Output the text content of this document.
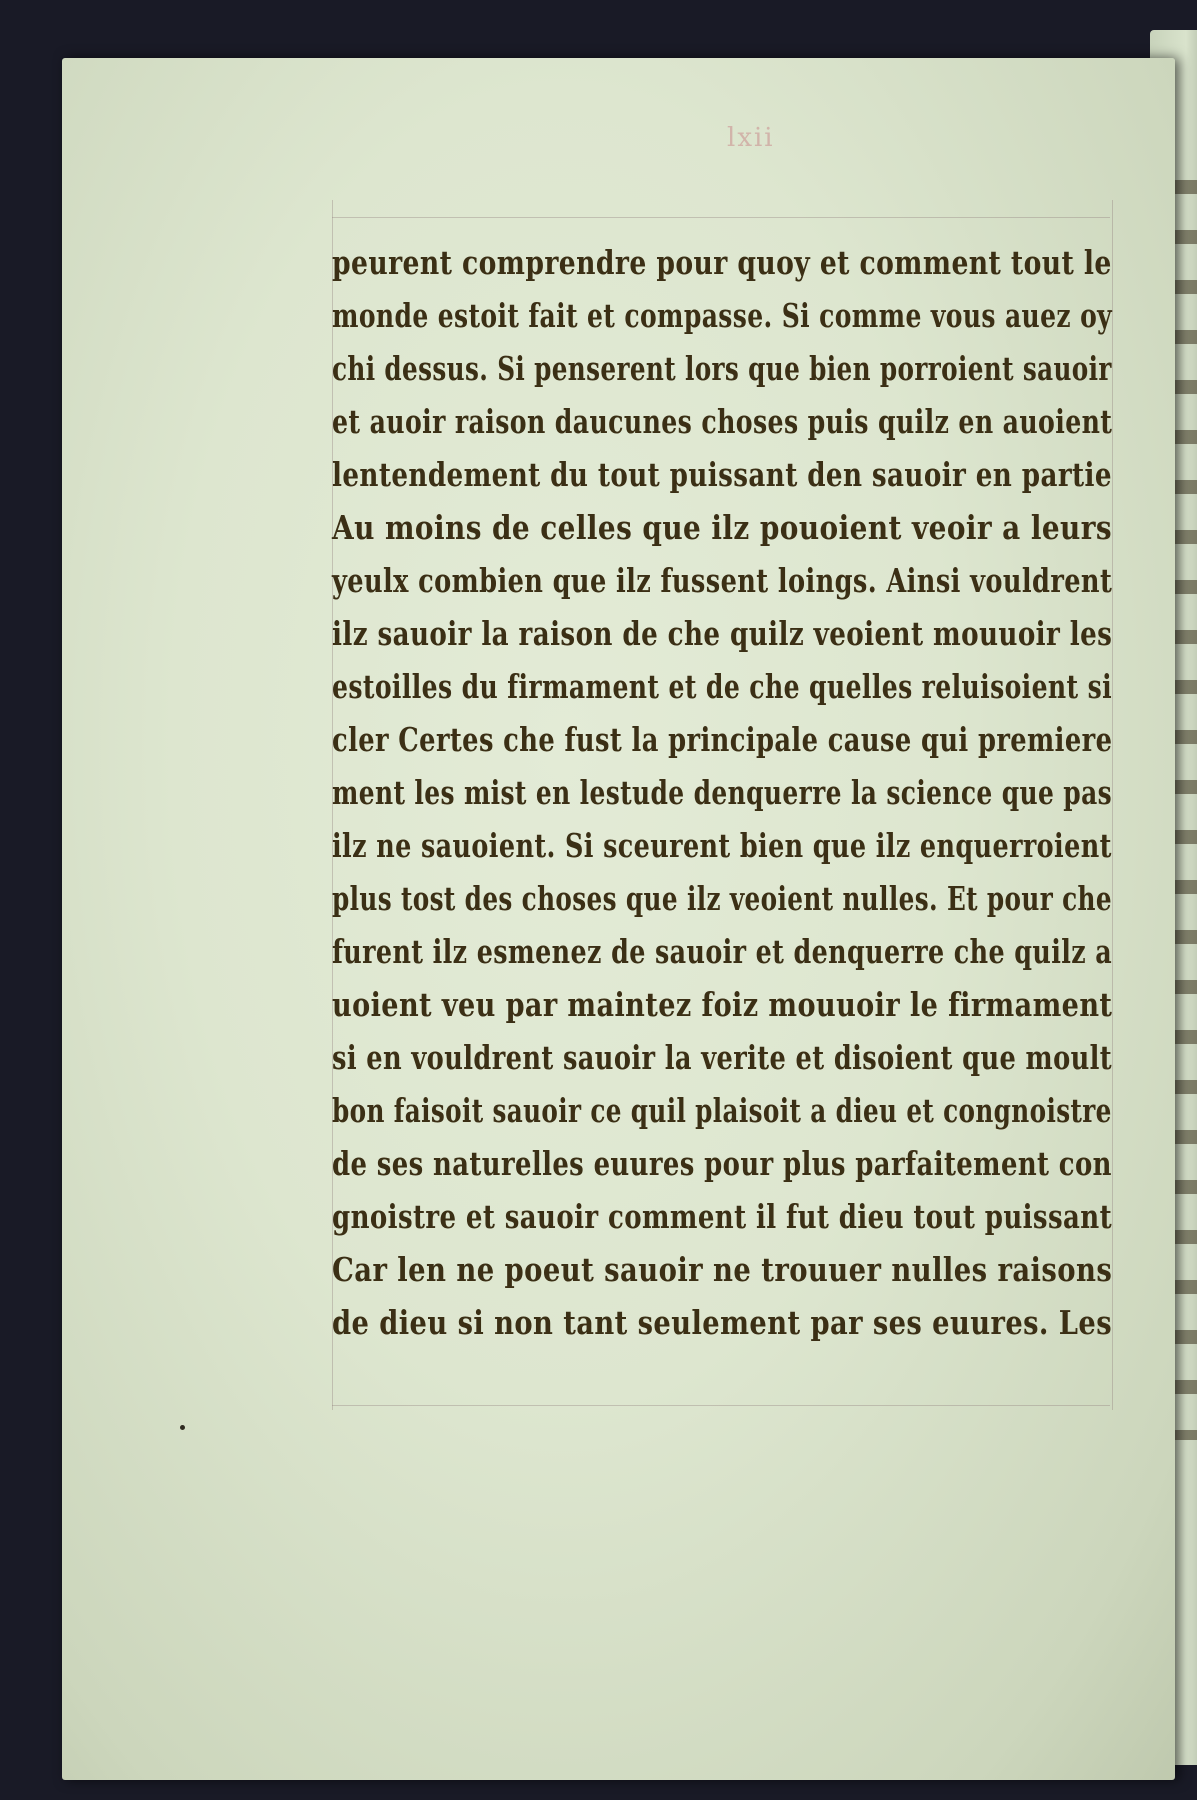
lxii
peurent comprendre pour quoy et comment tout le
monde estoit fait et compasse. Si comme vous auez oy
chi dessus. Si penserent lors que bien porroient sauoir
et auoir raison daucunes choses puis quilz en auoient
lentendement du tout puissant den sauoir en partie
Au moins de celles que ilz pouoient veoir a leurs
yeulx combien que ilz fussent loings. Ainsi vouldrent
ilz sauoir la raison de che quilz veoient mouuoir les
estoilles du firmament et de che quelles reluisoient si
cler Certes che fust la principale cause qui premiere
ment les mist en lestude denquerre la science que pas
ilz ne sauoient. Si sceurent bien que ilz enquerroient
plus tost des choses que ilz veoient nulles. Et pour che
furent ilz esmenez de sauoir et denquerre che quilz a
uoient veu par maintez foiz mouuoir le firmament
si en vouldrent sauoir la verite et disoient que moult
bon faisoit sauoir ce quil plaisoit a dieu et congnoistre
de ses naturelles euures pour plus parfaitement con
gnoistre et sauoir comment il fut dieu tout puissant
Car len ne poeut sauoir ne trouuer nulles raisons
de dieu si non tant seulement par ses euures. Les
